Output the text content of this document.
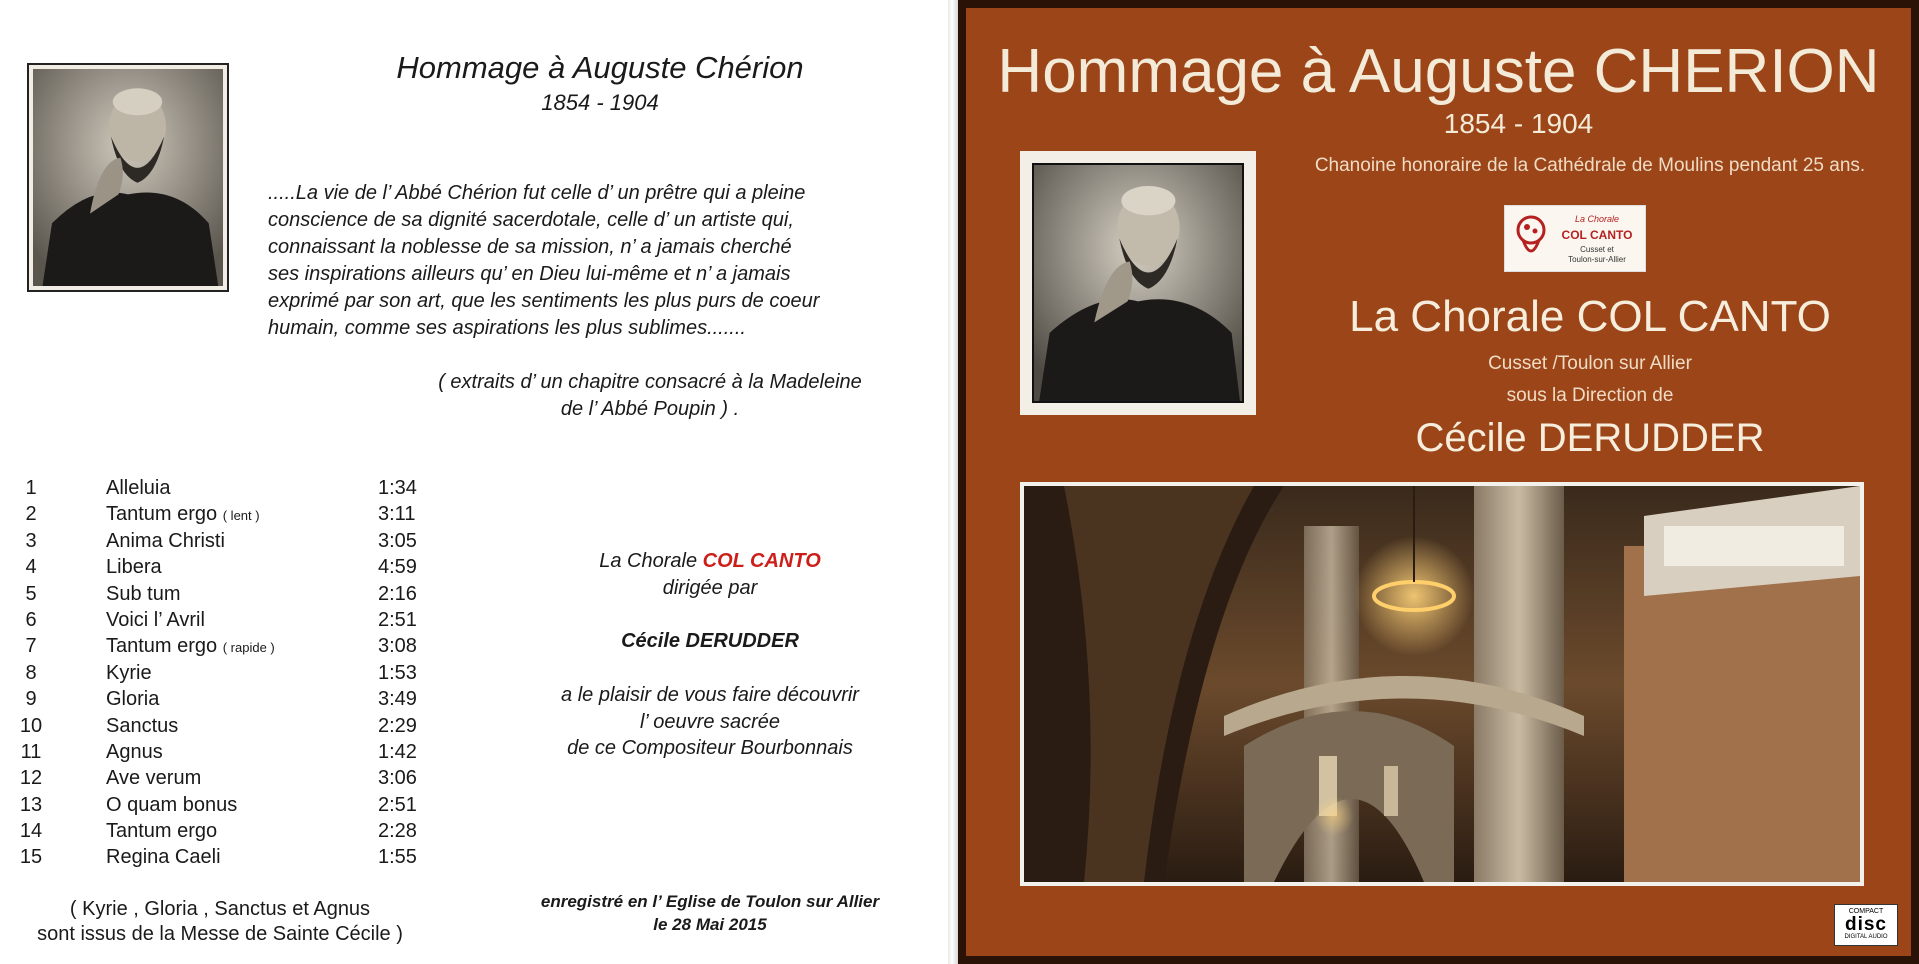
Hommage à Auguste Chérion
1854 - 1904
.....La vie de l’ Abbé Chérion fut celle d’ un prêtre qui a pleine
conscience de sa dignité sacerdotale, celle d’ un artiste qui,
connaissant la noblesse de sa mission, n’ a jamais cherché
ses inspirations ailleurs qu’ en Dieu lui-même et n’ a jamais
exprimé par son art, que les sentiments les plus purs de coeur
humain, comme ses aspirations les plus sublimes.......
( extraits d’ un chapitre consacré à la Madeleine
de l’ Abbé Poupin ) .
1	Alleluia	1:34
2	Tantum ergo ( lent )	3:11
3	Anima Christi	3:05
4	Libera	4:59
5	Sub tum	2:16
6	Voici l’ Avril	2:51
7	Tantum ergo ( rapide )	3:08
8	Kyrie	1:53
9	Gloria	3:49
10	Sanctus	2:29
11	Agnus	1:42
12	Ave verum	3:06
13	O quam bonus	2:51
14	Tantum ergo	2:28
15	Regina Caeli	1:55
( Kyrie , Gloria , Sanctus et Agnus
sont issus de la Messe de Sainte Cécile )
La Chorale COL CANTO
dirigée par
Cécile DERUDDER
a le plaisir de vous faire découvrir
l’ oeuvre sacrée
de ce Compositeur Bourbonnais
enregistré en l’ Eglise de Toulon sur Allier
le 28 Mai 2015
Hommage à Auguste CHERION
1854 - 1904
Chanoine honoraire de la Cathédrale de Moulins pendant 25 ans.
La Chorale
COL CANTO
Cusset et
Toulon-sur-Allier
La Chorale COL CANTO
Cusset /Toulon sur Allier
sous la Direction de
Cécile DERUDDER
COMPACT
disc
DIGITAL AUDIO
